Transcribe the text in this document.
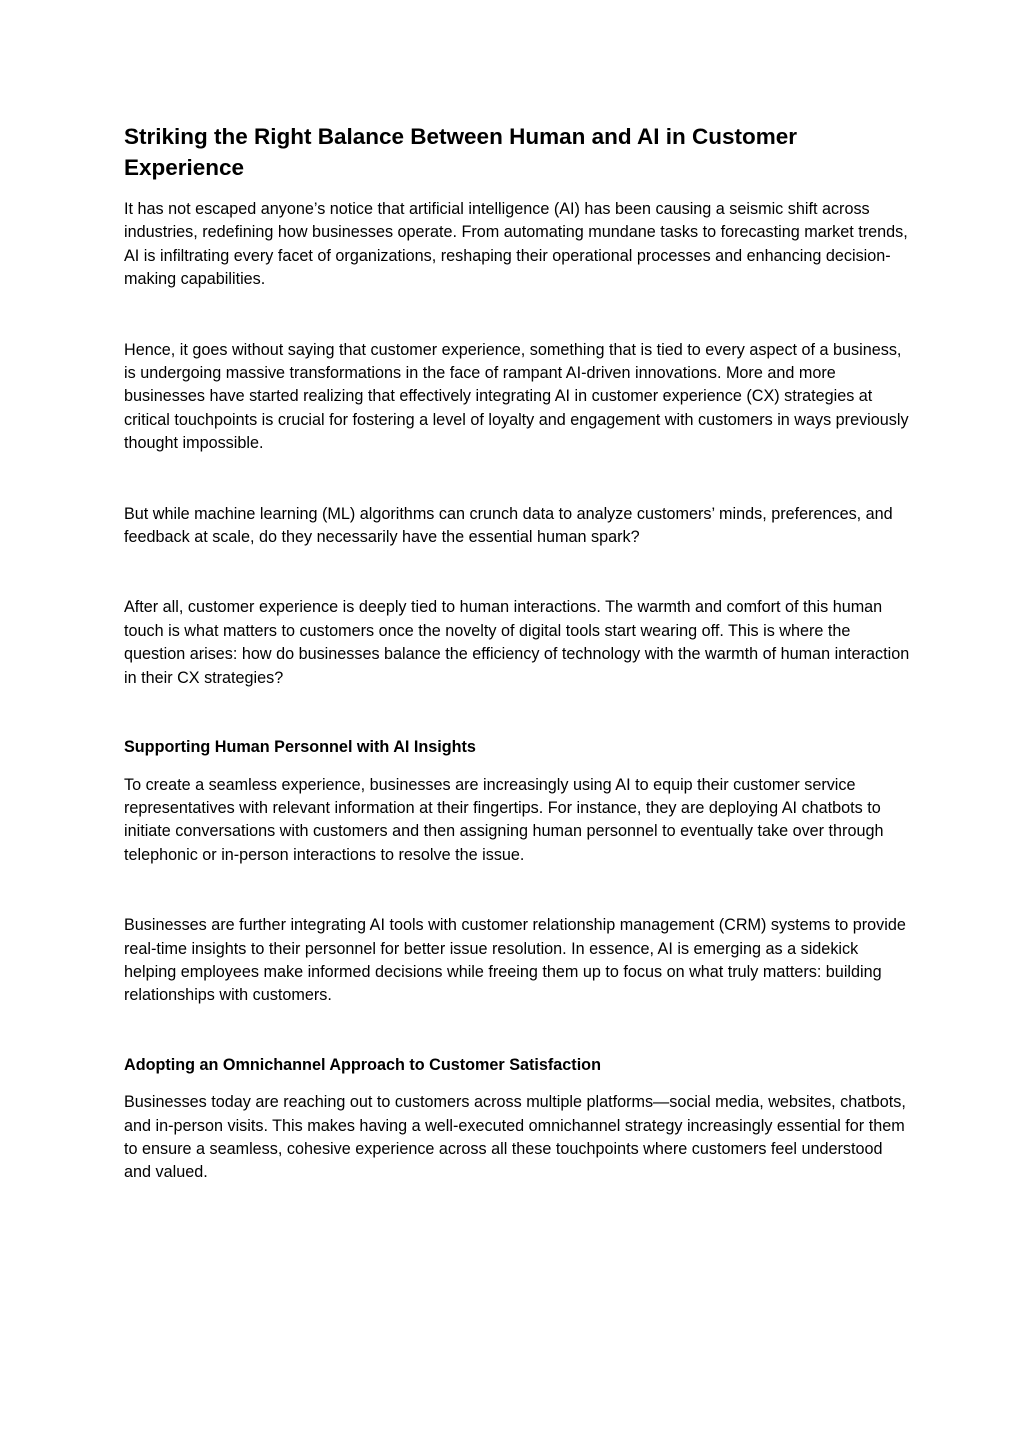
Striking the Right Balance Between Human and AI in Customer Experience

It has not escaped anyone’s notice that artificial intelligence (AI) has been causing a seismic shift across industries, redefining how businesses operate. From automating mundane tasks to forecasting market trends, AI is infiltrating every facet of organizations, reshaping their operational processes and enhancing decision-making capabilities.

Hence, it goes without saying that customer experience, something that is tied to every aspect of a business, is undergoing massive transformations in the face of rampant AI-driven innovations. More and more businesses have started realizing that effectively integrating AI in customer experience (CX) strategies at critical touchpoints is crucial for fostering a level of loyalty and engagement with customers in ways previously thought impossible.

But while machine learning (ML) algorithms can crunch data to analyze customers’ minds, preferences, and feedback at scale, do they necessarily have the essential human spark?

After all, customer experience is deeply tied to human interactions. The warmth and comfort of this human touch is what matters to customers once the novelty of digital tools start wearing off. This is where the question arises: how do businesses balance the efficiency of technology with the warmth of human interaction in their CX strategies?

Supporting Human Personnel with AI Insights

To create a seamless experience, businesses are increasingly using AI to equip their customer service representatives with relevant information at their fingertips. For instance, they are deploying AI chatbots to initiate conversations with customers and then assigning human personnel to eventually take over through telephonic or in-person interactions to resolve the issue.

Businesses are further integrating AI tools with customer relationship management (CRM) systems to provide real-time insights to their personnel for better issue resolution. In essence, AI is emerging as a sidekick helping employees make informed decisions while freeing them up to focus on what truly matters: building relationships with customers.

Adopting an Omnichannel Approach to Customer Satisfaction

Businesses today are reaching out to customers across multiple platforms—social media, websites, chatbots, and in-person visits. This makes having a well-executed omnichannel strategy increasingly essential for them to ensure a seamless, cohesive experience across all these touchpoints where customers feel understood and valued.
